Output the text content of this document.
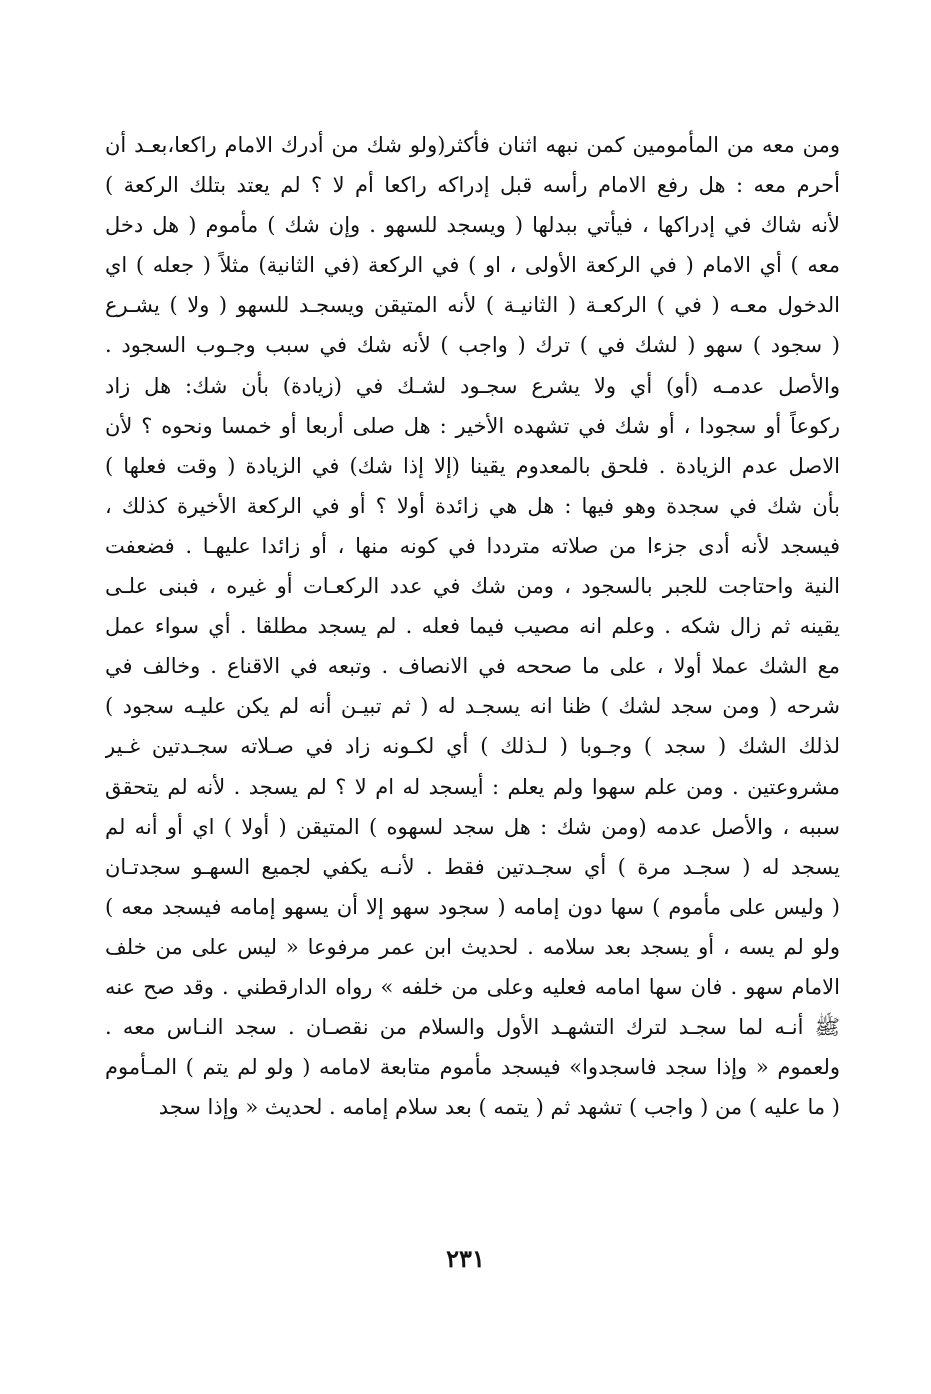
ومن معه من المأمومين كمن نبهه اثنان فأكثر(ولو شك من أدرك الامام راكعا،بعـد أن
أحرم معه : هل رفع الامام رأسه قبل إدراكه راكعا أم لا ؟ لم يعتد بتلك الركعة )
لأنه شاك في إدراكها ، فيأتي ببدلها ( ويسجد للسهو . وإن شك ) مأموم ( هل دخل
معه ) أي الامام ( في الركعة الأولى ، او ) في الركعة (في الثانية) مثلاً ( جعله ) اي
الدخول معـه ( في ) الركعـة ( الثانيـة ) لأنه المتيقن ويسجـد للسهو ( ولا ) يشـرع
( سجود ) سهو ( لشك في ) ترك ( واجب ) لأنه شك في سبب وجـوب السجود .
والأصل عدمـه (أو) أي ولا يشرع سجـود لشـك في (زيادة) بأن شك: هل زاد
ركوعاً أو سجودا ، أو شك في تشهده الأخير : هل صلى أربعا أو خمسا ونحوه ؟ لأن
الاصل عدم الزيادة . فلحق بالمعدوم يقينا (إلا إذا شك) في الزيادة ( وقت فعلها )
بأن شك في سجدة وهو فيها : هل هي زائدة أولا ؟ أو في الركعة الأخيرة كذلك ،
فيسجد لأنه أدى جزءا من صلاته مترددا في كونه منها ، أو زائدا عليهـا . فضعفت
النية واحتاجت للجبر بالسجود ، ومن شك في عدد الركعـات أو غيره ، فبنى علـى
يقينه ثم زال شكه . وعلم انه مصيب فيما فعله . لم يسجد مطلقا . أي سواء عمل
مع الشك عملا أولا ، على ما صححه في الانصاف . وتبعه في الاقناع . وخالف في
شرحه ( ومن سجد لشك ) ظنا انه يسجـد له ( ثم تبيـن أنه لم يكن عليـه سجود )
لذلك الشك ( سجد ) وجـوبا ( لـذلك ) أي لكـونه زاد في صـلاته سجـدتين غـير
مشروعتين . ومن علم سهوا ولم يعلم : أيسجد له ام لا ؟ لم يسجد . لأنه لم يتحقق
سببه ، والأصل عدمه (ومن شك : هل سجد لسهوه ) المتيقن ( أولا ) اي أو أنه لم
يسجد له ( سجـد مرة ) أي سجـدتين فقط . لأنـه يكفي لجميع السهـو سجدتـان
( وليس على مأموم ) سها دون إمامه ( سجود سهو إلا أن يسهو إمامه فيسجد معه )
ولو لم يسه ، أو يسجد بعد سلامه . لحديث ابن عمر مرفوعا « ليس على من خلف
الامام سهو . فان سها امامه فعليه وعلى من خلفه » رواه الدارقطني . وقد صح عنه
ﷺ أنـه لما سجـد لترك التشهـد الأول والسلام من نقصـان . سجد النـاس معه .
ولعموم « وإذا سجد فاسجدوا» فيسجد مأموم متابعة لامامه ( ولو لم يتم ) المـأموم
( ما عليه ) من ( واجب ) تشهد ثم ( يتمه ) بعد سلام إمامه . لحديث « وإذا سجد
٢٣١
